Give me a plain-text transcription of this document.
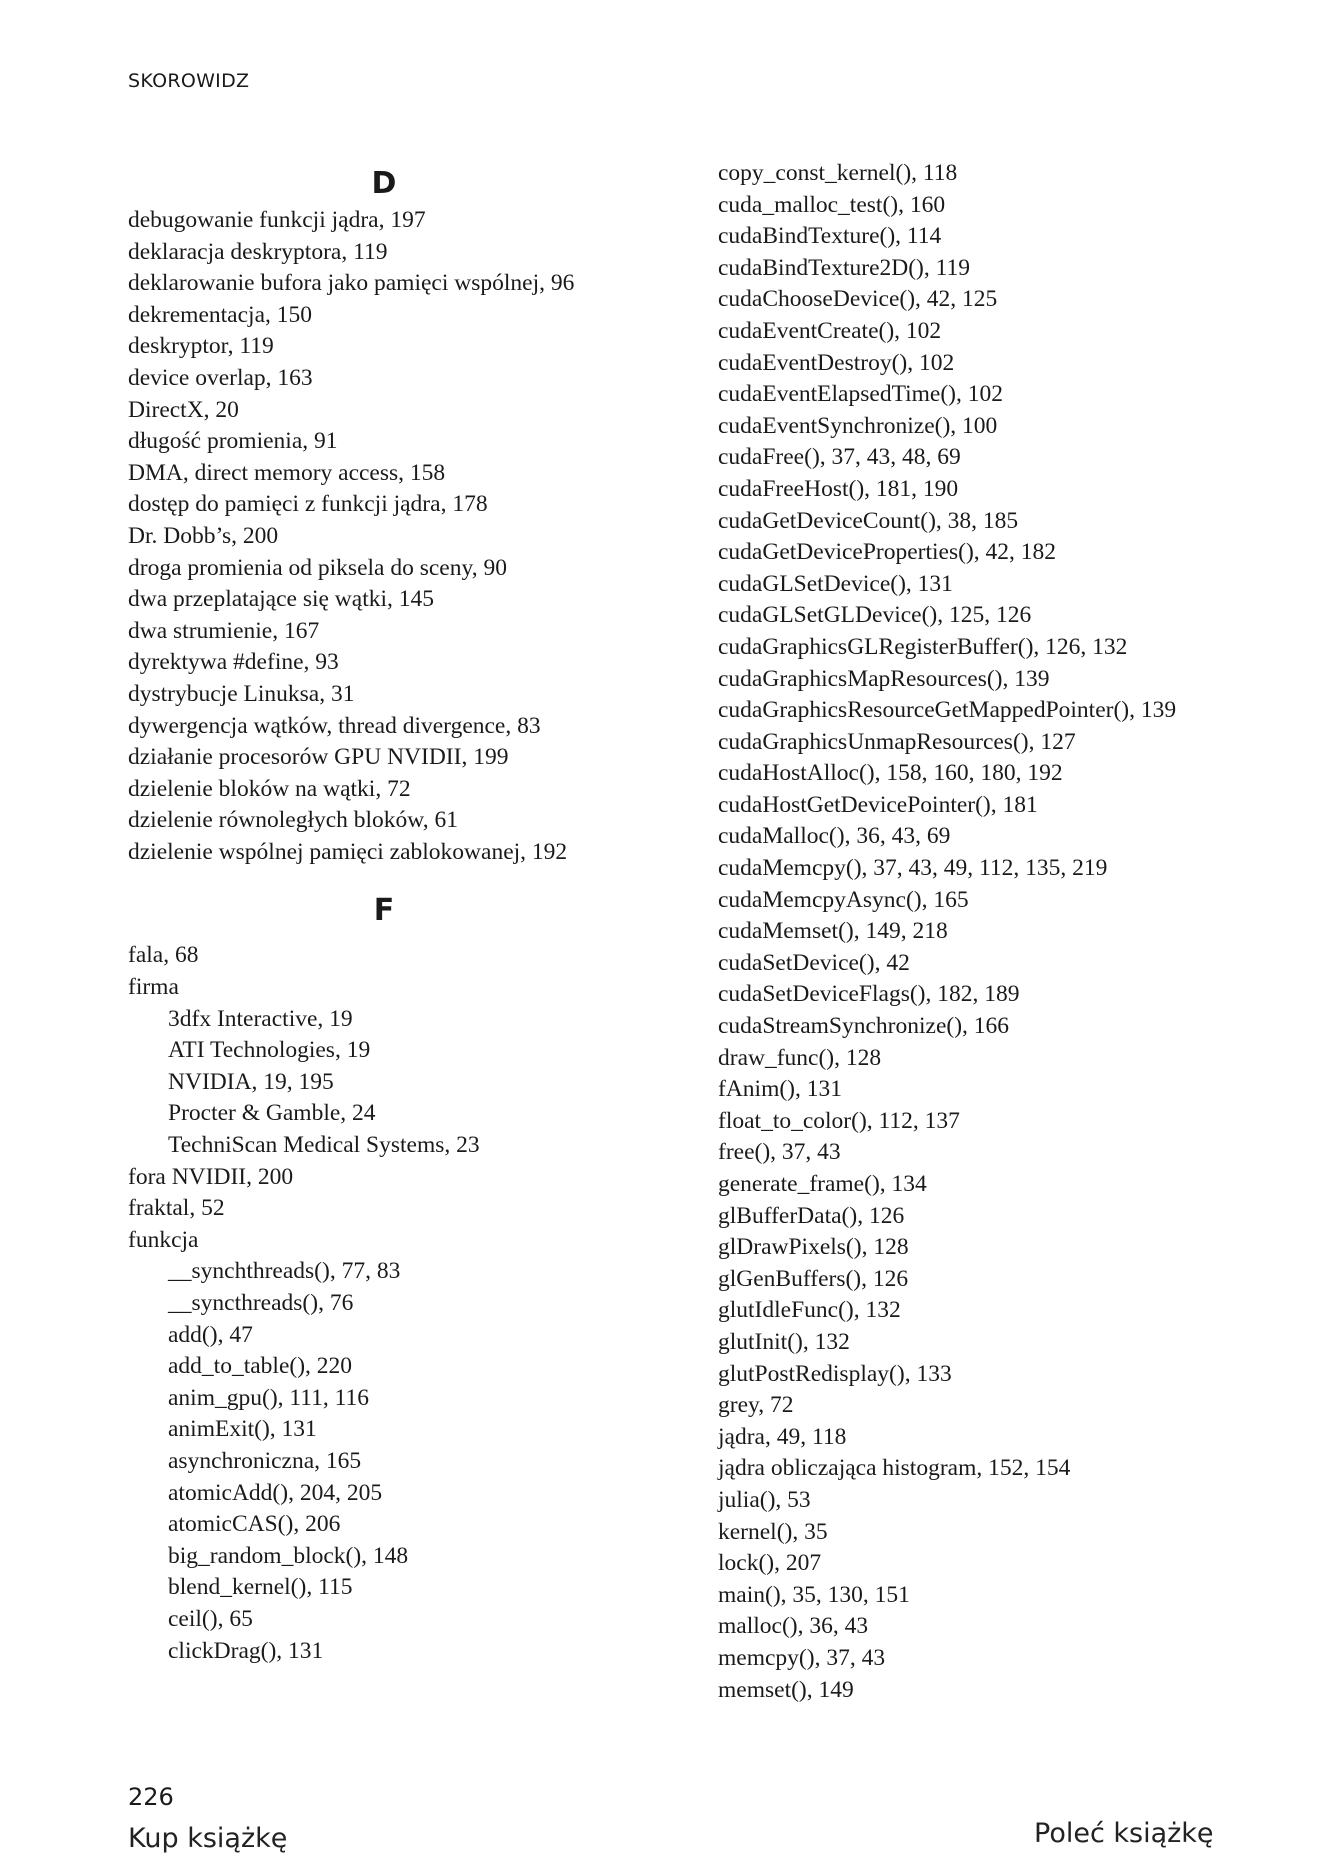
SKOROWIDZ
D
debugowanie funkcji jądra, 197
deklaracja deskryptora, 119
deklarowanie bufora jako pamięci wspólnej, 96
dekrementacja, 150
deskryptor, 119
device overlap, 163
DirectX, 20
długość promienia, 91
DMA, direct memory access, 158
dostęp do pamięci z funkcji jądra, 178
Dr. Dobb’s, 200
droga promienia od piksela do sceny, 90
dwa przeplatające się wątki, 145
dwa strumienie, 167
dyrektywa #define, 93
dystrybucje Linuksa, 31
dywergencja wątków, thread divergence, 83
działanie procesorów GPU NVIDII, 199
dzielenie bloków na wątki, 72
dzielenie równoległych bloków, 61
dzielenie wspólnej pamięci zablokowanej, 192
F
fala, 68
firma
3dfx Interactive, 19
ATI Technologies, 19
NVIDIA, 19, 195
Procter & Gamble, 24
TechniScan Medical Systems, 23
fora NVIDII, 200
fraktal, 52
funkcja
__synchthreads(), 77, 83
__syncthreads(), 76
add(), 47
add_to_table(), 220
anim_gpu(), 111, 116
animExit(), 131
asynchroniczna, 165
atomicAdd(), 204, 205
atomicCAS(), 206
big_random_block(), 148
blend_kernel(), 115
ceil(), 65
clickDrag(), 131
copy_const_kernel(), 118
cuda_malloc_test(), 160
cudaBindTexture(), 114
cudaBindTexture2D(), 119
cudaChooseDevice(), 42, 125
cudaEventCreate(), 102
cudaEventDestroy(), 102
cudaEventElapsedTime(), 102
cudaEventSynchronize(), 100
cudaFree(), 37, 43, 48, 69
cudaFreeHost(), 181, 190
cudaGetDeviceCount(), 38, 185
cudaGetDeviceProperties(), 42, 182
cudaGLSetDevice(), 131
cudaGLSetGLDevice(), 125, 126
cudaGraphicsGLRegisterBuffer(), 126, 132
cudaGraphicsMapResources(), 139
cudaGraphicsResourceGetMappedPointer(), 139
cudaGraphicsUnmapResources(), 127
cudaHostAlloc(), 158, 160, 180, 192
cudaHostGetDevicePointer(), 181
cudaMalloc(), 36, 43, 69
cudaMemcpy(), 37, 43, 49, 112, 135, 219
cudaMemcpyAsync(), 165
cudaMemset(), 149, 218
cudaSetDevice(), 42
cudaSetDeviceFlags(), 182, 189
cudaStreamSynchronize(), 166
draw_func(), 128
fAnim(), 131
float_to_color(), 112, 137
free(), 37, 43
generate_frame(), 134
glBufferData(), 126
glDrawPixels(), 128
glGenBuffers(), 126
glutIdleFunc(), 132
glutInit(), 132
glutPostRedisplay(), 133
grey, 72
jądra, 49, 118
jądra obliczająca histogram, 152, 154
julia(), 53
kernel(), 35
lock(), 207
main(), 35, 130, 151
malloc(), 36, 43
memcpy(), 37, 43
memset(), 149
226
Kup książkę	Poleć książkę
